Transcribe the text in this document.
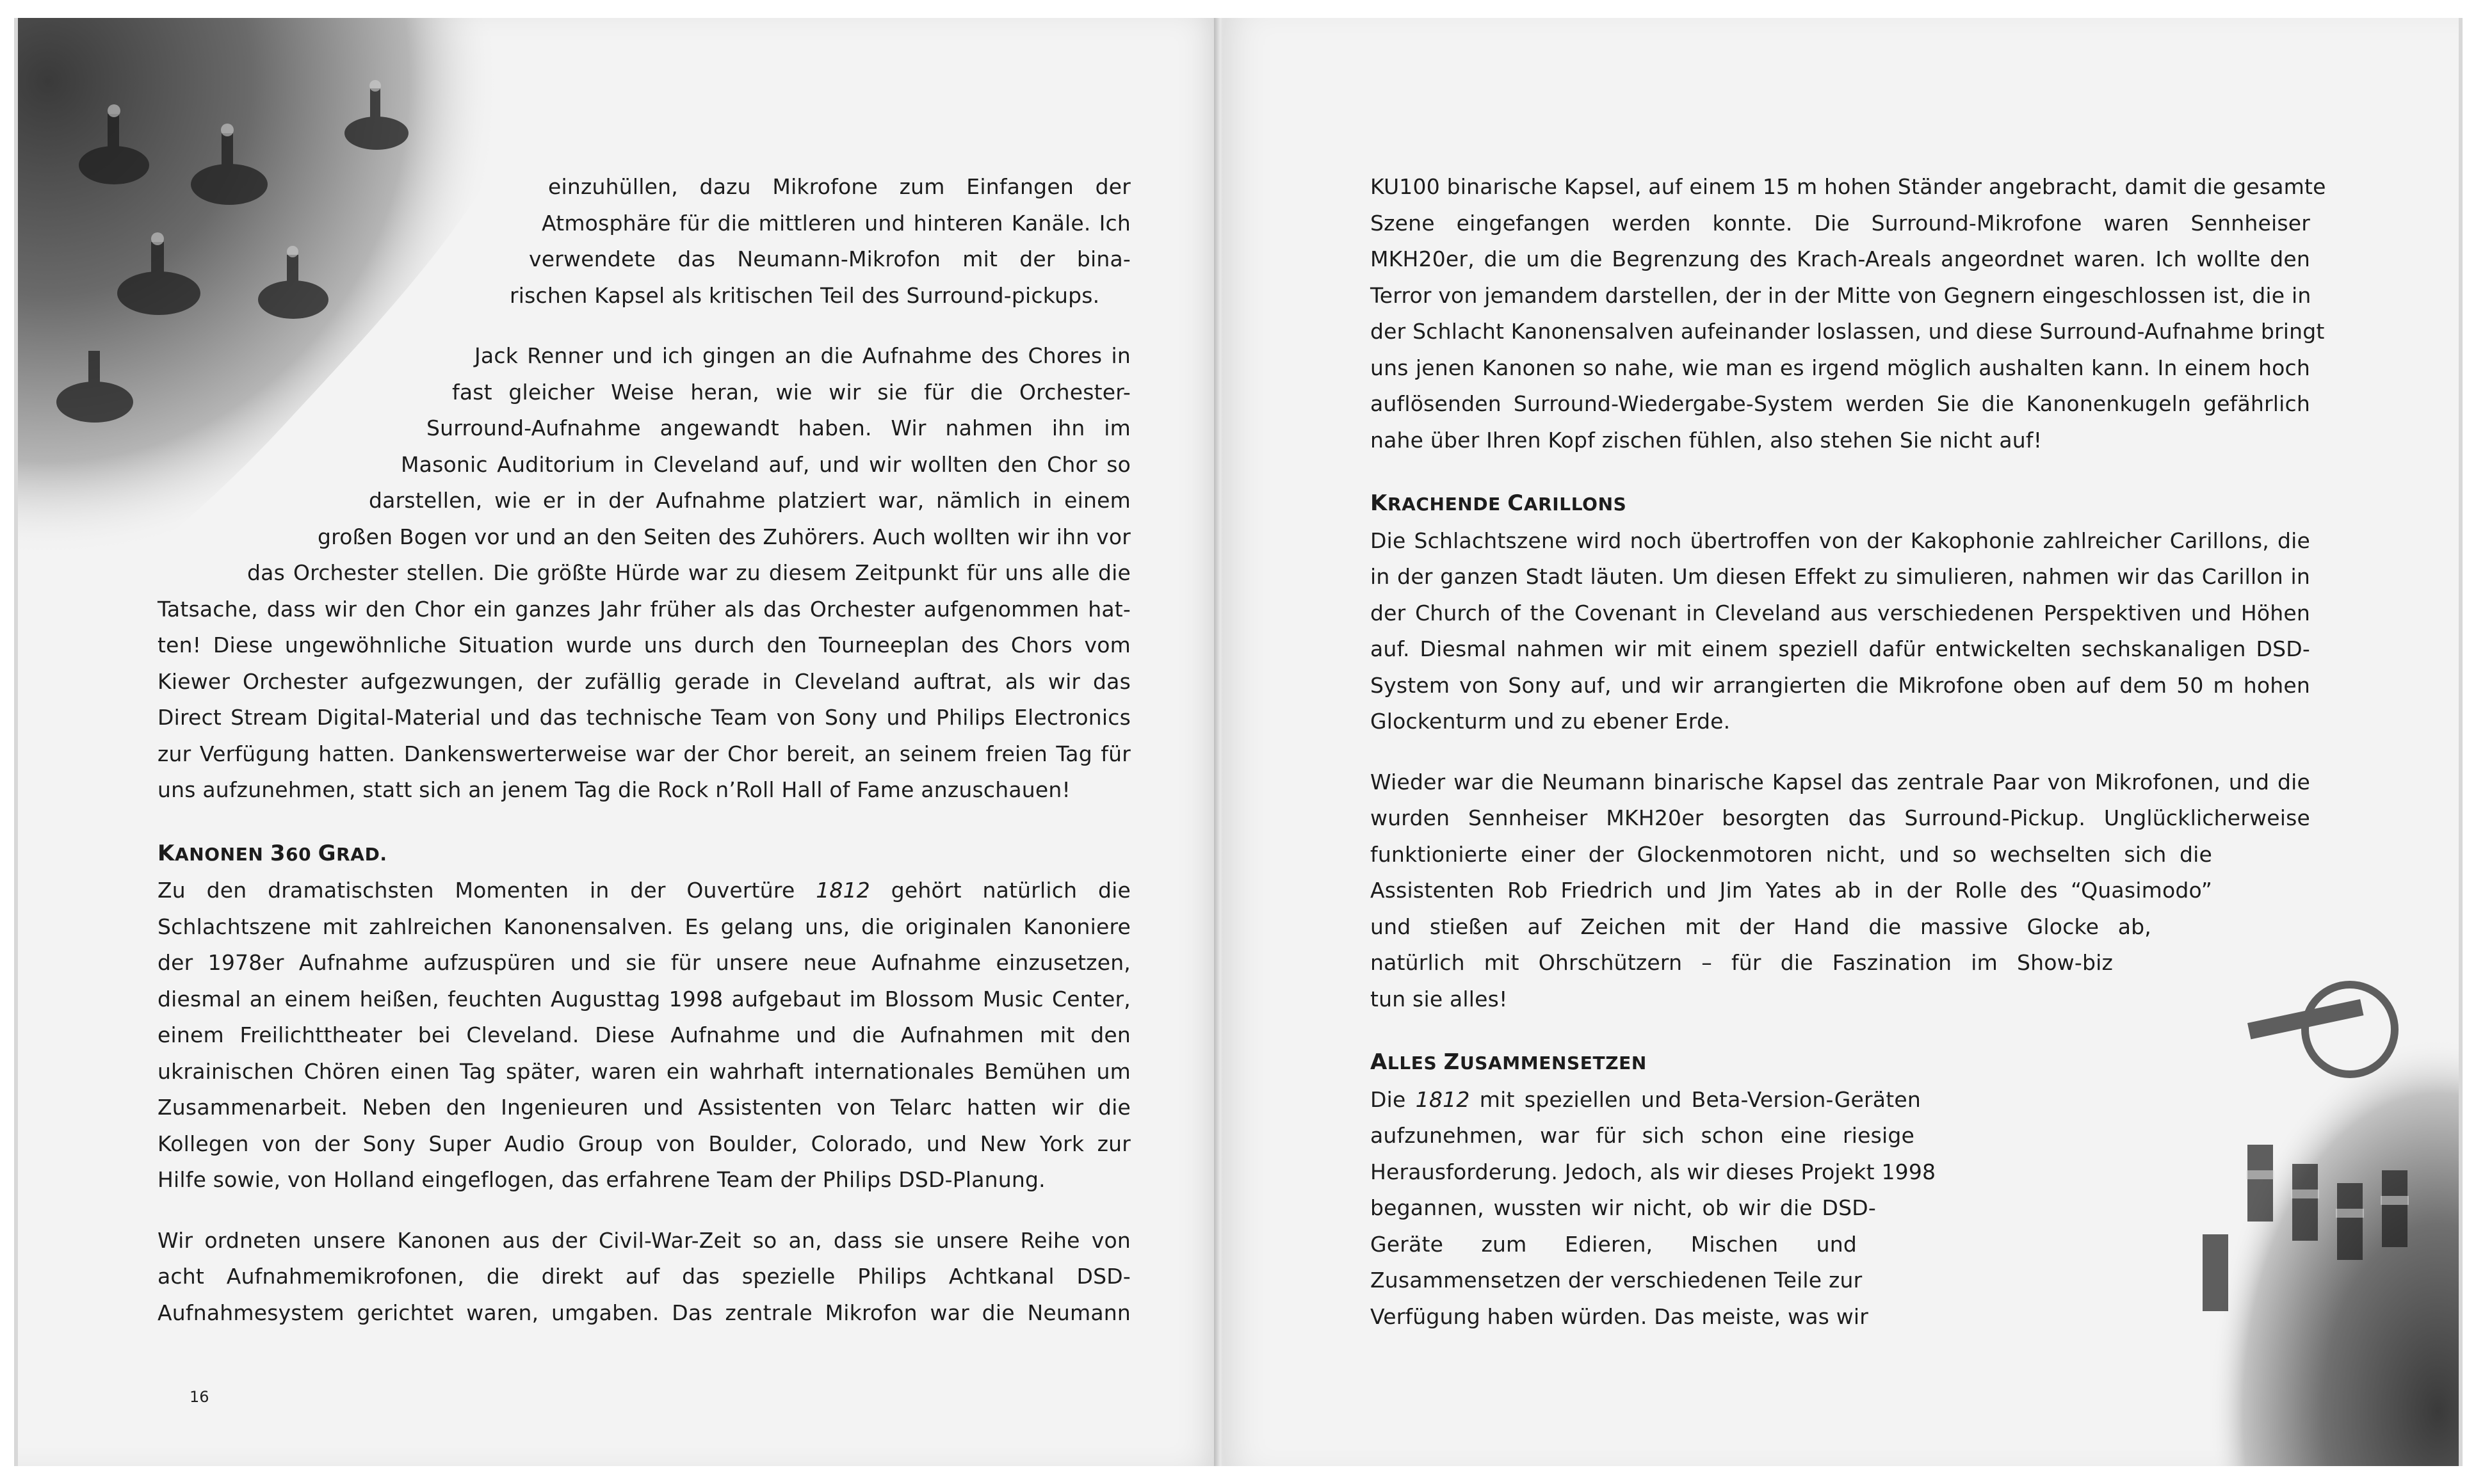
einzuhüllen, dazu Mikrofone zum Einfangen der
Atmosphäre für die mittleren und hinteren Kanäle. Ich
verwendete das Neumann-Mikrofon mit der bina-
rischen Kapsel als kritischen Teil des Surround-pickups.
Jack Renner und ich gingen an die Aufnahme des Chores in
fast gleicher Weise heran, wie wir sie für die Orchester-
Surround-Aufnahme angewandt haben. Wir nahmen ihn im
Masonic Auditorium in Cleveland auf, und wir wollten den Chor so
darstellen, wie er in der Aufnahme platziert war, nämlich in einem
großen Bogen vor und an den Seiten des Zuhörers. Auch wollten wir ihn vor
das Orchester stellen. Die größte Hürde war zu diesem Zeitpunkt für uns alle die
Tatsache, dass wir den Chor ein ganzes Jahr früher als das Orchester aufgenommen hat-
ten! Diese ungewöhnliche Situation wurde uns durch den Tourneeplan des Chors vom
Kiewer Orchester aufgezwungen, der zufällig gerade in Cleveland auftrat, als wir das
Direct Stream Digital-Material und das technische Team von Sony und Philips Electronics
zur Verfügung hatten. Dankenswerterweise war der Chor bereit, an seinem freien Tag für
uns aufzunehmen, statt sich an jenem Tag die Rock n’Roll Hall of Fame anzuschauen!
KANONEN 360 GRAD.
Zu den dramatischsten Momenten in der Ouvertüre 1812 gehört natürlich die
Schlachtszene mit zahlreichen Kanonensalven. Es gelang uns, die originalen Kanoniere
der 1978er Aufnahme aufzuspüren und sie für unsere neue Aufnahme einzusetzen,
diesmal an einem heißen, feuchten Augusttag 1998 aufgebaut im Blossom Music Center,
einem Freilichttheater bei Cleveland. Diese Aufnahme und die Aufnahmen mit den
ukrainischen Chören einen Tag später, waren ein wahrhaft internationales Bemühen um
Zusammenarbeit. Neben den Ingenieuren und Assistenten von Telarc hatten wir die
Kollegen von der Sony Super Audio Group von Boulder, Colorado, und New York zur
Hilfe sowie, von Holland eingeflogen, das erfahrene Team der Philips DSD-Planung.
Wir ordneten unsere Kanonen aus der Civil-War-Zeit so an, dass sie unsere Reihe von
acht Aufnahmemikrofonen, die direkt auf das spezielle Philips Achtkanal DSD-
Aufnahmesystem gerichtet waren, umgaben. Das zentrale Mikrofon war die Neumann
16
KU100 binarische Kapsel, auf einem 15 m hohen Ständer angebracht, damit die gesamte
Szene eingefangen werden konnte. Die Surround-Mikrofone waren Sennheiser
MKH20er, die um die Begrenzung des Krach-Areals angeordnet waren. Ich wollte den
Terror von jemandem darstellen, der in der Mitte von Gegnern eingeschlossen ist, die in
der Schlacht Kanonensalven aufeinander loslassen, und diese Surround-Aufnahme bringt
uns jenen Kanonen so nahe, wie man es irgend möglich aushalten kann. In einem hoch
auflösenden Surround-Wiedergabe-System werden Sie die Kanonenkugeln gefährlich
nahe über Ihren Kopf zischen fühlen, also stehen Sie nicht auf!
KRACHENDE CARILLONS
Die Schlachtszene wird noch übertroffen von der Kakophonie zahlreicher Carillons, die
in der ganzen Stadt läuten. Um diesen Effekt zu simulieren, nahmen wir das Carillon in
der Church of the Covenant in Cleveland aus verschiedenen Perspektiven und Höhen
auf. Diesmal nahmen wir mit einem speziell dafür entwickelten sechskanaligen DSD-
System von Sony auf, und wir arrangierten die Mikrofone oben auf dem 50 m hohen
Glockenturm und zu ebener Erde.
Wieder war die Neumann binarische Kapsel das zentrale Paar von Mikrofonen, und die
wurden Sennheiser MKH20er besorgten das Surround-Pickup. Unglücklicherweise
funktionierte einer der Glockenmotoren nicht, und so wechselten sich die
Assistenten Rob Friedrich und Jim Yates ab in der Rolle des “Quasimodo”
und stießen auf Zeichen mit der Hand die massive Glocke ab,
natürlich mit Ohrschützern – für die Faszination im Show-biz
tun sie alles!
ALLES ZUSAMMENSETZEN
Die 1812 mit speziellen und Beta-Version-Geräten
aufzunehmen, war für sich schon eine riesige
Herausforderung. Jedoch, als wir dieses Projekt 1998
begannen, wussten wir nicht, ob wir die DSD-
Geräte zum Edieren, Mischen und
Zusammensetzen der verschiedenen Teile zur
Verfügung haben würden. Das meiste, was wir
